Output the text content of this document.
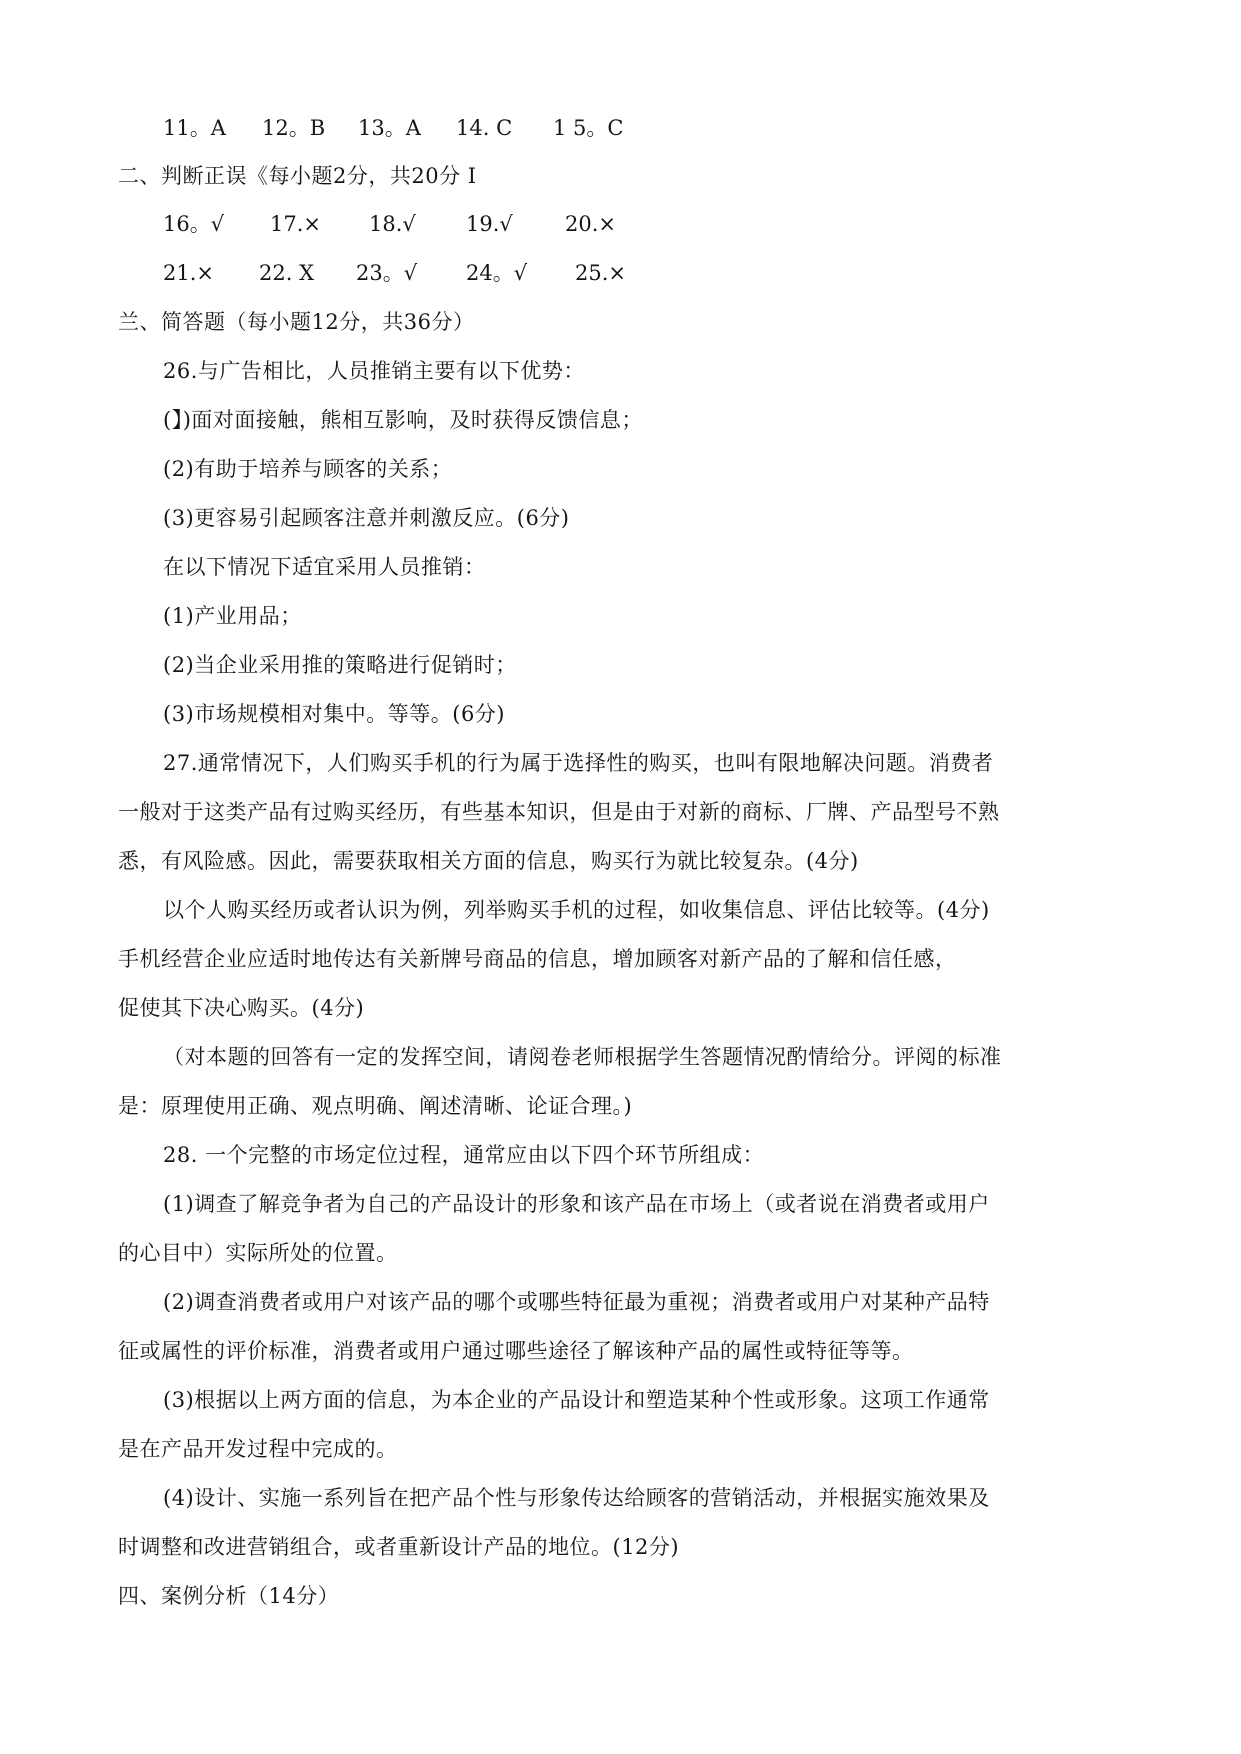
11。A 12。B 13。A 14. C 1 5。C
二、判断正误《每小题2分，共20分 I
16。√ 17.× 18.√ 19.√ 20.×
21.× 22. X 23。√ 24。√ 25.×
兰、简答题（每小题12分，共36分）
26.与广告相比，人员推销主要有以下优势：
(】)面对面接触，熊相互影响，及时获得反馈信息；
(2)有助于培养与顾客的关系；
(3)更容易引起顾客注意并刺激反应。(6分)
在以下情况下适宜采用人员推销：
(1)产业用品；
(2)当企业采用推的策略进行促销时；
(3)市场规模相对集中。等等。(6分)
27.通常情况下，人们购买手机的行为属于选择性的购买，也叫有限地解决问题。消费者
一般对于这类产品有过购买经历，有些基本知识，但是由于对新的商标、厂牌、产品型号不熟
悉，有风险感。因此，需要获取相关方面的信息，购买行为就比较复杂。(4分)
以个人购买经历或者认识为例，列举购买手机的过程，如收集信息、评估比较等。(4分)
手机经营企业应适时地传达有关新牌号商品的信息，增加顾客对新产品的了解和信任感，
促使其下决心购买。(4分)
（对本题的回答有一定的发挥空间，请阅卷老师根据学生答题情况酌情给分。评阅的标准
是：原理使用正确、观点明确、阐述清晰、论证合理。)
28. 一个完整的市场定位过程，通常应由以下四个环节所组成：
(1)调查了解竞争者为自己的产品设计的形象和该产品在市场上（或者说在消费者或用户
的心目中）实际所处的位置。
(2)调查消费者或用户对该产品的哪个或哪些特征最为重视；消费者或用户对某种产品特
征或属性的评价标准，消费者或用户通过哪些途径了解该种产品的属性或特征等等。
(3)根据以上两方面的信息，为本企业的产品设计和塑造某种个性或形象。这项工作通常
是在产品开发过程中完成的。
(4)设计、实施一系列旨在把产品个性与形象传达给顾客的营销活动，并根据实施效果及
时调整和改进营销组合，或者重新设计产品的地位。(12分)
四、案例分析（14分）
